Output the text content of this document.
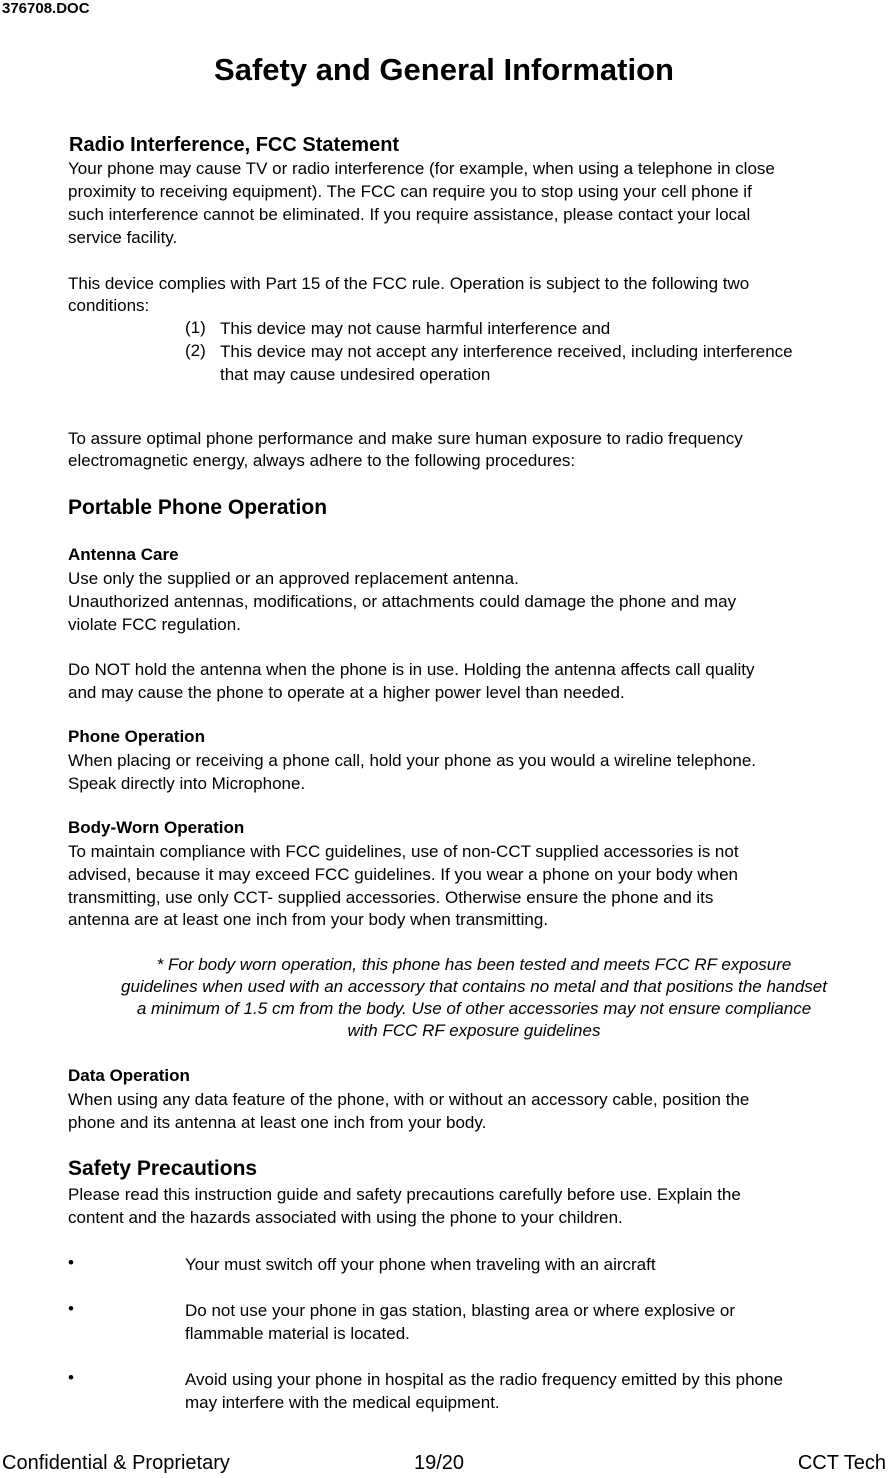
376708.DOC
Safety and General Information
Radio Interference, FCC Statement
Your phone may cause TV or radio interference (for example, when using a telephone in close
proximity to receiving equipment). The FCC can require you to stop using your cell phone if
such interference cannot be eliminated. If you require assistance, please contact your local
service facility.
This device complies with Part 15 of the FCC rule. Operation is subject to the following two
conditions:
(1) This device may not cause harmful interference and
(2) This device may not accept any interference received, including interference
that may cause undesired operation
To assure optimal phone performance and make sure human exposure to radio frequency
electromagnetic energy, always adhere to the following procedures:
Portable Phone Operation
Antenna Care
Use only the supplied or an approved replacement antenna.
Unauthorized antennas, modifications, or attachments could damage the phone and may
violate FCC regulation.
Do NOT hold the antenna when the phone is in use. Holding the antenna affects call quality
and may cause the phone to operate at a higher power level than needed.
Phone Operation
When placing or receiving a phone call, hold your phone as you would a wireline telephone.
Speak directly into Microphone.
Body-Worn Operation
To maintain compliance with FCC guidelines, use of non-CCT supplied accessories is not
advised, because it may exceed FCC guidelines. If you wear a phone on your body when
transmitting, use only CCT- supplied accessories. Otherwise ensure the phone and its
antenna are at least one inch from your body when transmitting.
* For body worn operation, this phone has been tested and meets FCC RF exposure
guidelines when used with an accessory that contains no metal and that positions the handset
a minimum of 1.5 cm from the body. Use of other accessories may not ensure compliance
with FCC RF exposure guidelines
Data Operation
When using any data feature of the phone, with or without an accessory cable, position the
phone and its antenna at least one inch from your body.
Safety Precautions
Please read this instruction guide and safety precautions carefully before use. Explain the
content and the hazards associated with using the phone to your children.
•	Your must switch off your phone when traveling with an aircraft
•	Do not use your phone in gas station, blasting area or where explosive or
flammable material is located.
•	Avoid using your phone in hospital as the radio frequency emitted by this phone
may interfere with the medical equipment.
Confidential & Proprietary	19/20	CCT Tech
